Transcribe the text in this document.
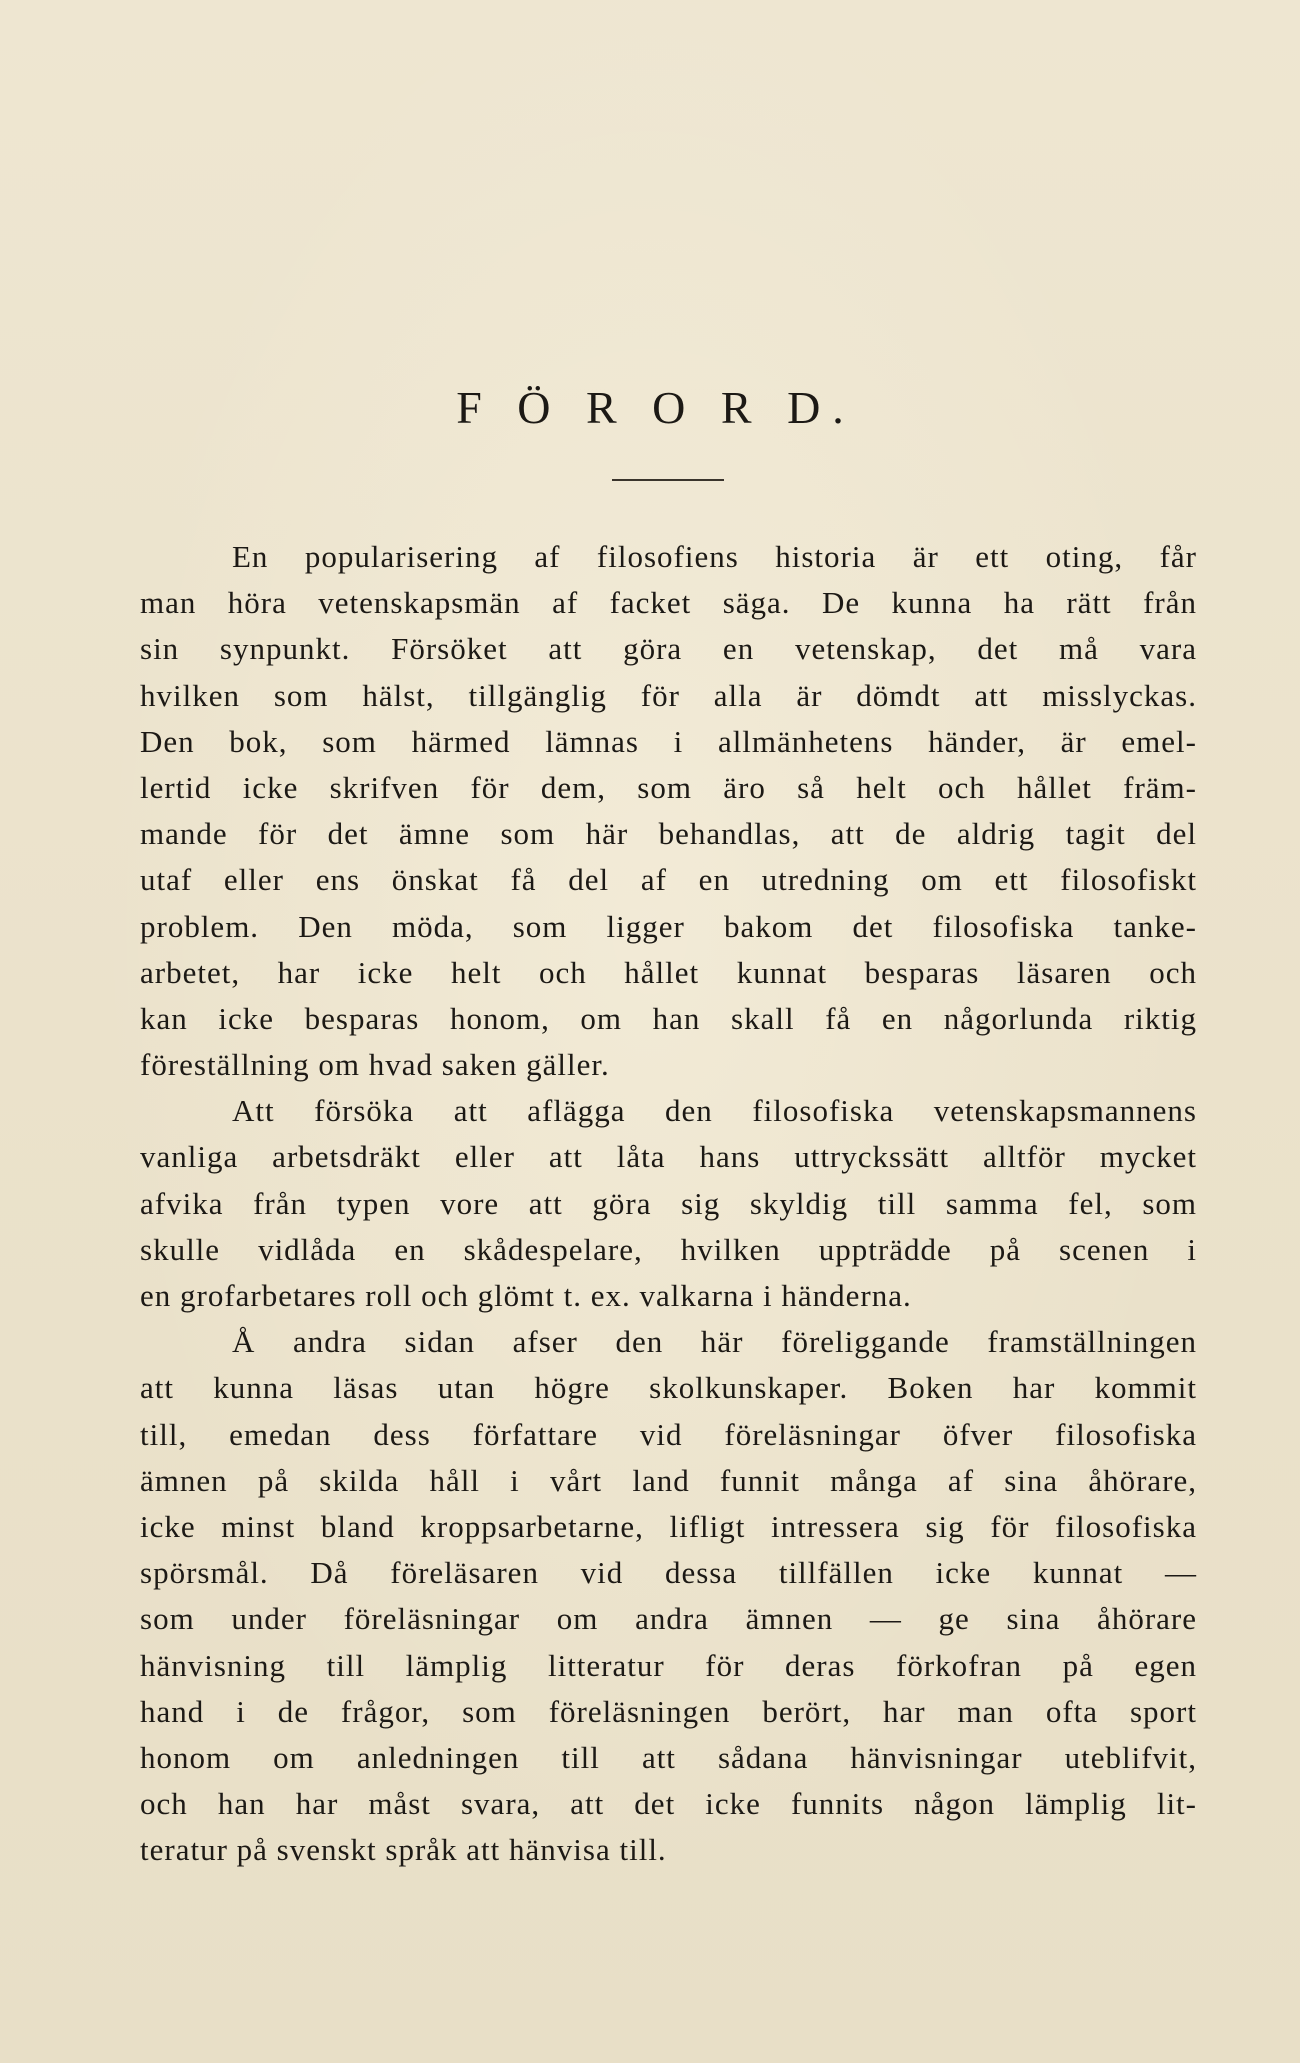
F Ö R O R D.
En popularisering af filosofiens historia är ett oting, får
man höra vetenskapsmän af facket säga. De kunna ha rätt från
sin synpunkt. Försöket att göra en vetenskap, det må vara
hvilken som hälst, tillgänglig för alla är dömdt att misslyckas.
Den bok, som härmed lämnas i allmänhetens händer, är emel-
lertid icke skrifven för dem, som äro så helt och hållet främ-
mande för det ämne som här behandlas, att de aldrig tagit del
utaf eller ens önskat få del af en utredning om ett filosofiskt
problem. Den möda, som ligger bakom det filosofiska tanke-
arbetet, har icke helt och hållet kunnat besparas läsaren och
kan icke besparas honom, om han skall få en någorlunda riktig
föreställning om hvad saken gäller.
Att försöka att aflägga den filosofiska vetenskapsmannens
vanliga arbetsdräkt eller att låta hans uttryckssätt alltför mycket
afvika från typen vore att göra sig skyldig till samma fel, som
skulle vidlåda en skådespelare, hvilken uppträdde på scenen i
en grofarbetares roll och glömt t. ex. valkarna i händerna.
Å andra sidan afser den här föreliggande framställningen
att kunna läsas utan högre skolkunskaper. Boken har kommit
till, emedan dess författare vid föreläsningar öfver filosofiska
ämnen på skilda håll i vårt land funnit många af sina åhörare,
icke minst bland kroppsarbetarne, lifligt intressera sig för filosofiska
spörsmål. Då föreläsaren vid dessa tillfällen icke kunnat —
som under föreläsningar om andra ämnen — ge sina åhörare
hänvisning till lämplig litteratur för deras förkofran på egen
hand i de frågor, som föreläsningen berört, har man ofta sport
honom om anledningen till att sådana hänvisningar uteblifvit,
och han har måst svara, att det icke funnits någon lämplig lit-
teratur på svenskt språk att hänvisa till.
